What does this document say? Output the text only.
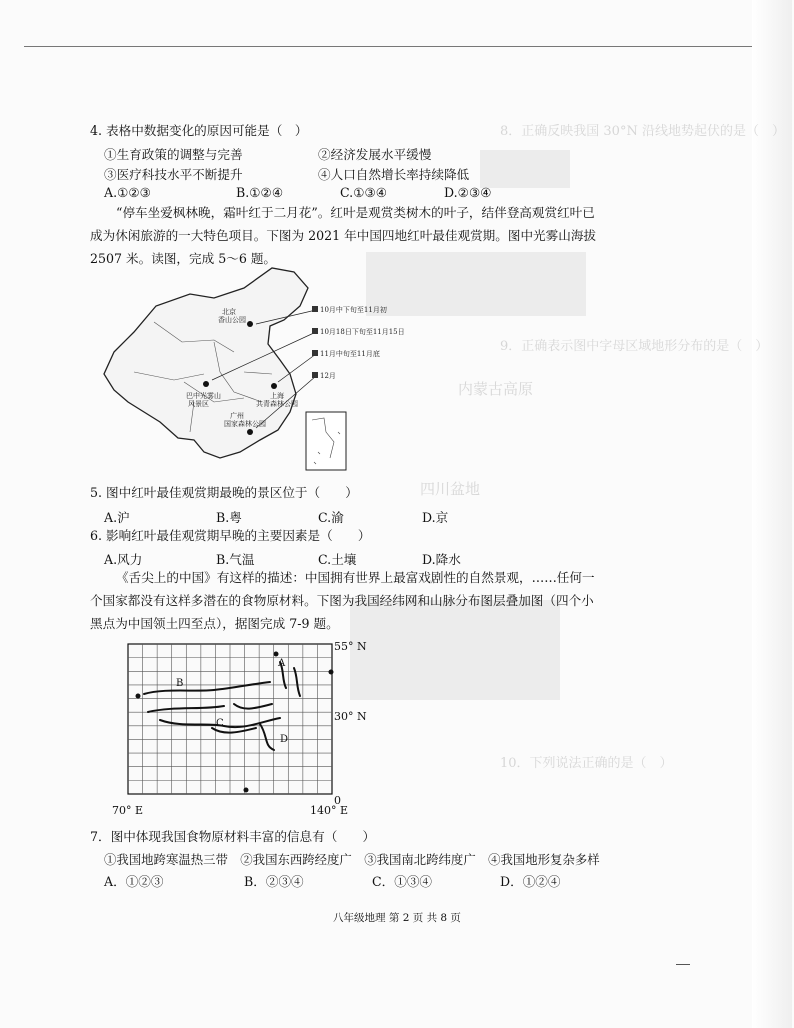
8．正确反映我国 30°N 沿线地势起伏的是（　）
9．正确表示图中字母区域地形分布的是（　）
内蒙古高原
四川盆地
10．下列说法正确的是（　）
4. 表格中数据变化的原因可能是（　）
①生育政策的调整与完善	②经济发展水平缓慢
③医疗科技水平不断提升	④人口自然增长率持续降低
A.①②③	B.①②④	C.①③④	D.②③④
“停车坐爱枫林晚，霜叶红于二月花”。红叶是观赏类树木的叶子，结伴登高观赏红叶已
成为休闲旅游的一大特色项目。下图为 2021 年中国四地红叶最佳观赏期。图中光雾山海拔
2507 米。读图，完成 5～6 题。
10月中下旬至11月初
10月18日下旬至11月15日
11月中旬至11月底
12月
北京
香山公园
巴中光雾山
风景区
上海
共青森林公园
广州
国家森林公园
5. 图中红叶最佳观赏期最晚的景区位于（　　）
A.沪	B.粤	C.渝	D.京
6. 影响红叶最佳观赏期早晚的主要因素是（　　）
A.风力	B.气温	C.土壤	D.降水
《舌尖上的中国》有这样的描述：中国拥有世界上最富戏剧性的自然景观，……任何一
个国家都没有这样多潜在的食物原材料。下图为我国经纬网和山脉分布图层叠加图（四个小
黑点为中国领土四至点），据图完成 7-9 题。
A
B
C
D
55° N
30° N
0
70° E	140° E
7．图中体现我国食物原材料丰富的信息有（　　）
①我国地跨寒温热三带　②我国东西跨经度广　③我国南北跨纬度广　④我国地形复杂多样
A．①②③	B．②③④	C．①③④	D．①②④
八年级地理 第 2 页 共 8 页
